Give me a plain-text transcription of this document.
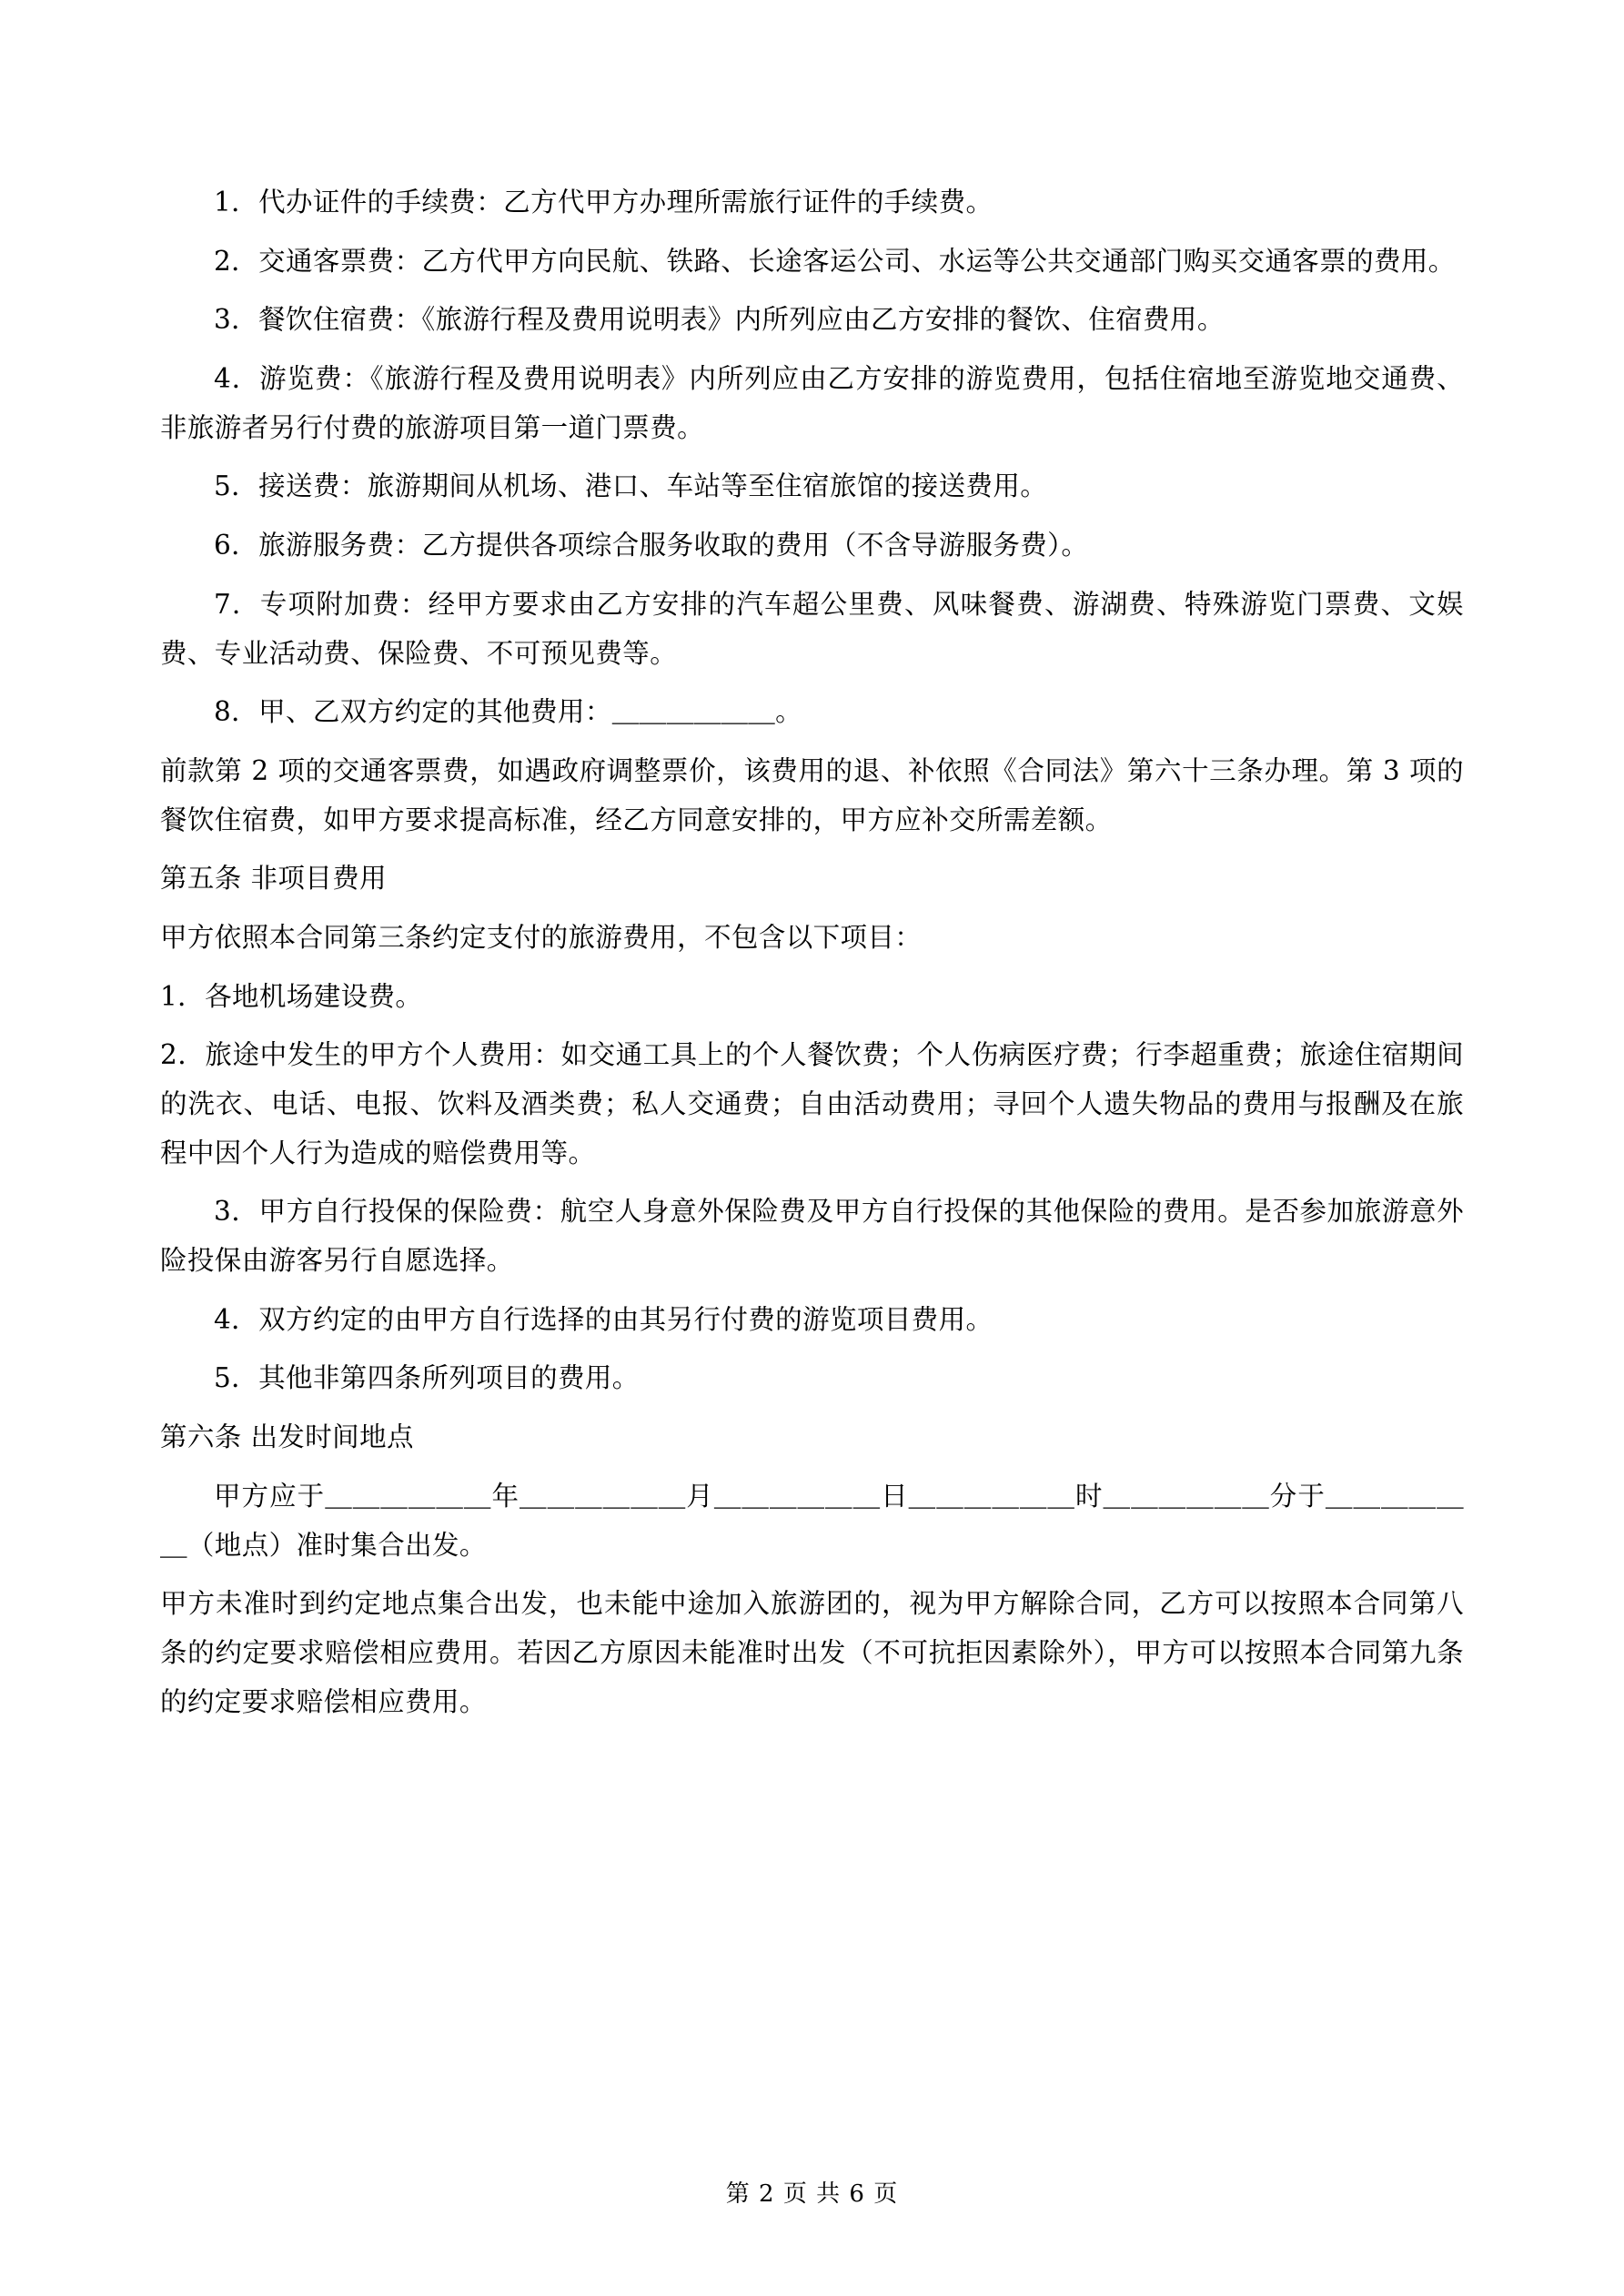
1．代办证件的手续费：乙方代甲方办理所需旅行证件的手续费。

2．交通客票费：乙方代甲方向民航、铁路、长途客运公司、水运等公共交通部门购买交通客票的费用。

3．餐饮住宿费：《旅游行程及费用说明表》内所列应由乙方安排的餐饮、住宿费用。

4．游览费：《旅游行程及费用说明表》内所列应由乙方安排的游览费用，包括住宿地至游览地交通费、非旅游者另行付费的旅游项目第一道门票费。

5．接送费：旅游期间从机场、港口、车站等至住宿旅馆的接送费用。

6．旅游服务费：乙方提供各项综合服务收取的费用（不含导游服务费）。

7．专项附加费：经甲方要求由乙方安排的汽车超公里费、风味餐费、游湖费、特殊游览门票费、文娱费、专业活动费、保险费、不可预见费等。

8．甲、乙双方约定的其他费用：＿＿＿＿＿＿。

前款第 2 项的交通客票费，如遇政府调整票价，该费用的退、补依照《合同法》第六十三条办理。第 3 项的餐饮住宿费，如甲方要求提高标准，经乙方同意安排的，甲方应补交所需差额。

第五条 非项目费用

甲方依照本合同第三条约定支付的旅游费用，不包含以下项目：

1．各地机场建设费。

2．旅途中发生的甲方个人费用：如交通工具上的个人餐饮费；个人伤病医疗费；行李超重费；旅途住宿期间的洗衣、电话、电报、饮料及酒类费；私人交通费；自由活动费用；寻回个人遗失物品的费用与报酬及在旅程中因个人行为造成的赔偿费用等。

3．甲方自行投保的保险费：航空人身意外保险费及甲方自行投保的其他保险的费用。是否参加旅游意外险投保由游客另行自愿选择。

4．双方约定的由甲方自行选择的由其另行付费的游览项目费用。

5．其他非第四条所列项目的费用。

第六条 出发时间地点

甲方应于＿＿＿＿＿＿年＿＿＿＿＿＿月＿＿＿＿＿＿日＿＿＿＿＿＿时＿＿＿＿＿＿分于＿＿＿＿＿＿（地点）准时集合出发。

甲方未准时到约定地点集合出发，也未能中途加入旅游团的，视为甲方解除合同，乙方可以按照本合同第八条的约定要求赔偿相应费用。若因乙方原因未能准时出发（不可抗拒因素除外），甲方可以按照本合同第九条的约定要求赔偿相应费用。

第 2 页 共 6 页
